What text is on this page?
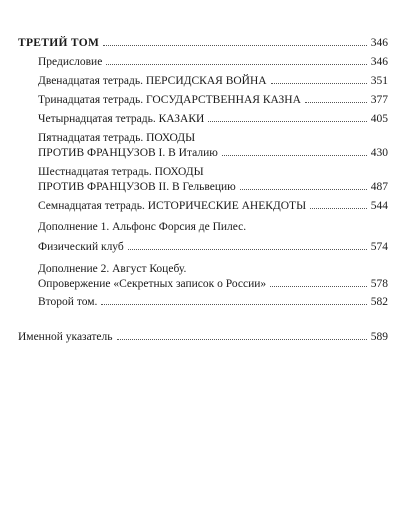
ТРЕТИЙ ТОМ	346
Предисловие	346
Двенадцатая тетрадь. ПЕРСИДСКАЯ ВОЙНА	351
Тринадцатая тетрадь. ГОСУДАРСТВЕННАЯ КАЗНА	377
Четырнадцатая тетрадь. КАЗАКИ	405
Пятнадцатая тетрадь. ПОХОДЫ
ПРОТИВ ФРАНЦУЗОВ I. В Италию	430
Шестнадцатая тетрадь. ПОХОДЫ
ПРОТИВ ФРАНЦУЗОВ II. В Гельвецию	487
Семнадцатая тетрадь. ИСТОРИЧЕСКИЕ АНЕКДОТЫ	544
Дополнение 1. Альфонс Форсия де Пилес.
Физический клуб	574
Дополнение 2. Август Коцебу.
Опровержение «Секретных записок о России»	578
Второй том.	582
Именной указатель	589
